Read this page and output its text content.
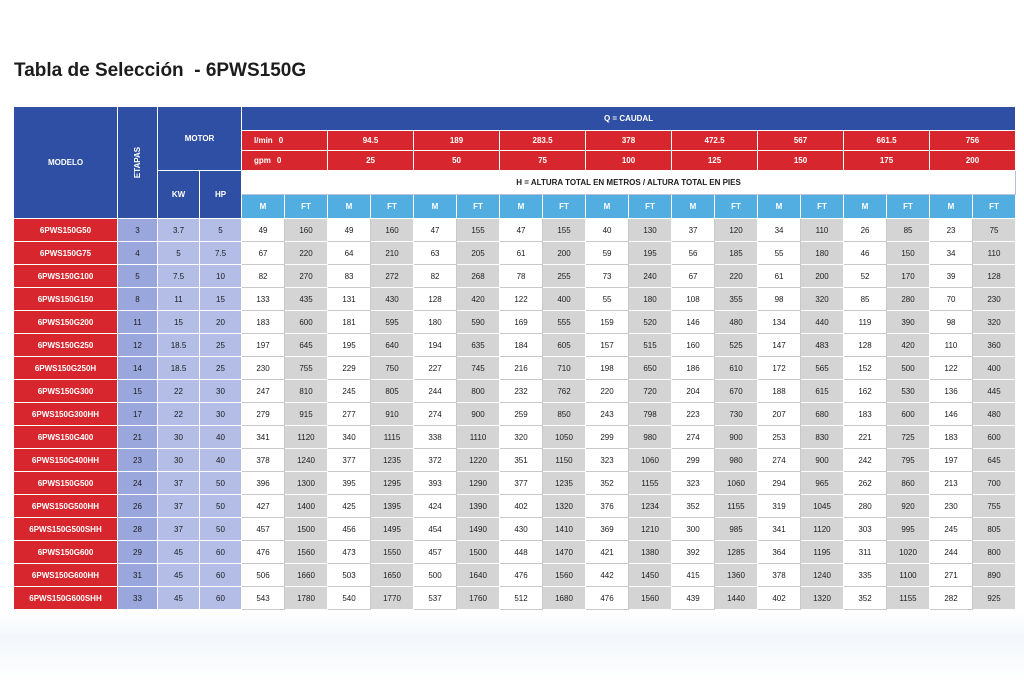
Tabla de Selección  - 6PWS150G
MODELO	ETAPAS	MOTOR		Q = CAUDAL																	
				l/min 0		94.5		189		283.5		378		472.5		567		661.5		756	
				gpm 0		25		50		75		100		125		150		175		200	
		KW	HP	H = ALTURA TOTAL EN METROS / ALTURA TOTAL EN PIES																	
				M	FT	M	FT	M	FT	M	FT	M	FT	M	FT	M	FT	M	FT	M	FT
6PWS150G50	3	3.7	5	49	160	49	160	47	155	47	155	40	130	37	120	34	110	26	85	23	75
6PWS150G75	4	5	7.5	67	220	64	210	63	205	61	200	59	195	56	185	55	180	46	150	34	110
6PWS150G100	5	7.5	10	82	270	83	272	82	268	78	255	73	240	67	220	61	200	52	170	39	128
6PWS150G150	8	11	15	133	435	131	430	128	420	122	400	55	180	108	355	98	320	85	280	70	230
6PWS150G200	11	15	20	183	600	181	595	180	590	169	555	159	520	146	480	134	440	119	390	98	320
6PWS150G250	12	18.5	25	197	645	195	640	194	635	184	605	157	515	160	525	147	483	128	420	110	360
6PWS150G250H	14	18.5	25	230	755	229	750	227	745	216	710	198	650	186	610	172	565	152	500	122	400
6PWS150G300	15	22	30	247	810	245	805	244	800	232	762	220	720	204	670	188	615	162	530	136	445
6PWS150G300HH	17	22	30	279	915	277	910	274	900	259	850	243	798	223	730	207	680	183	600	146	480
6PWS150G400	21	30	40	341	1120	340	1115	338	1110	320	1050	299	980	274	900	253	830	221	725	183	600
6PWS150G400HH	23	30	40	378	1240	377	1235	372	1220	351	1150	323	1060	299	980	274	900	242	795	197	645
6PWS150G500	24	37	50	396	1300	395	1295	393	1290	377	1235	352	1155	323	1060	294	965	262	860	213	700
6PWS150G500HH	26	37	50	427	1400	425	1395	424	1390	402	1320	376	1234	352	1155	319	1045	280	920	230	755
6PWS150G500SHH	28	37	50	457	1500	456	1495	454	1490	430	1410	369	1210	300	985	341	1120	303	995	245	805
6PWS150G600	29	45	60	476	1560	473	1550	457	1500	448	1470	421	1380	392	1285	364	1195	311	1020	244	800
6PWS150G600HH	31	45	60	506	1660	503	1650	500	1640	476	1560	442	1450	415	1360	378	1240	335	1100	271	890
6PWS150G600SHH	33	45	60	543	1780	540	1770	537	1760	512	1680	476	1560	439	1440	402	1320	352	1155	282	925
